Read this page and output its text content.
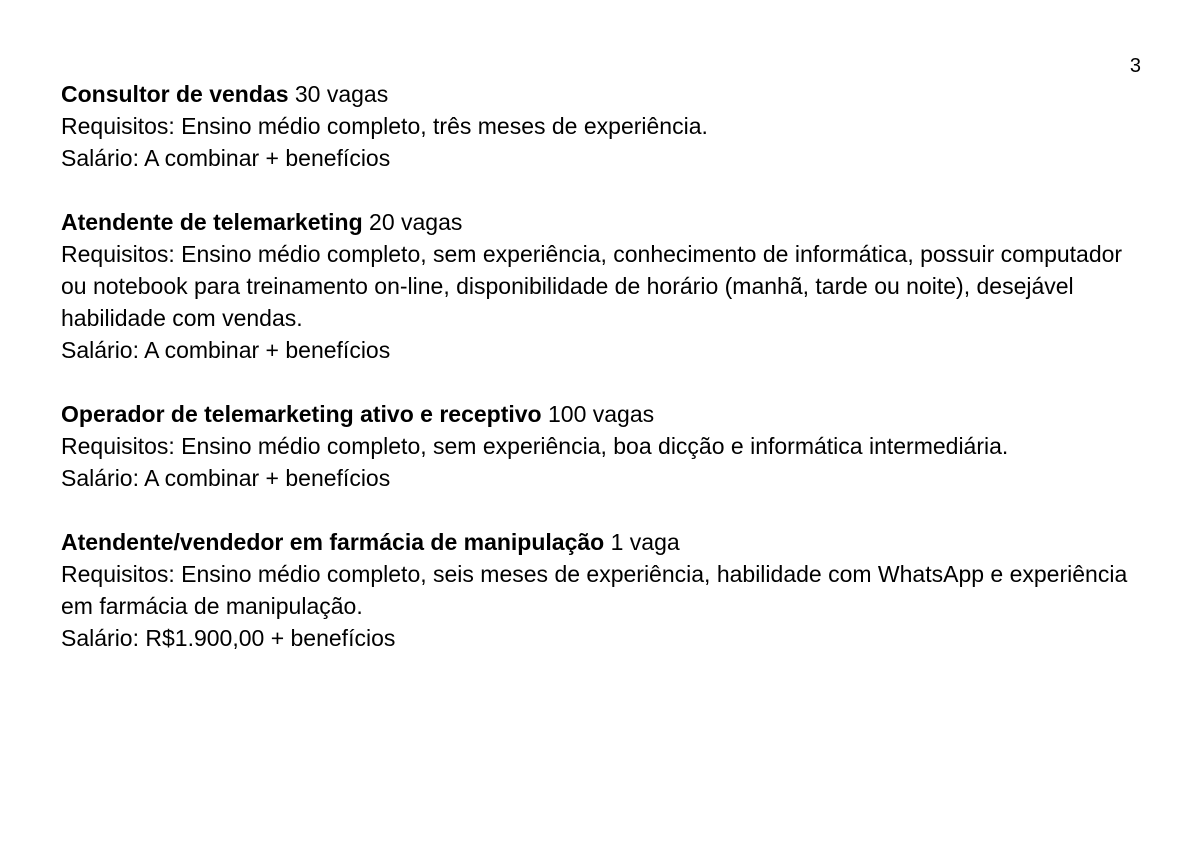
3

Consultor de vendas 30 vagas

Requisitos: Ensino médio completo, três meses de experiência.

Salário: A combinar + benefícios

Atendente de telemarketing 20 vagas

Requisitos: Ensino médio completo, sem experiência, conhecimento de informática, possuir computador ou notebook para treinamento on-line, disponibilidade de horário (manhã, tarde ou noite), desejável habilidade com vendas.

Salário: A combinar + benefícios

Operador de telemarketing ativo e receptivo 100 vagas

Requisitos: Ensino médio completo, sem experiência, boa dicção e informática intermediária.

Salário: A combinar + benefícios

Atendente/vendedor em farmácia de manipulação 1 vaga

Requisitos: Ensino médio completo, seis meses de experiência, habilidade com WhatsApp e experiência em farmácia de manipulação.

Salário: R$1.900,00 + benefícios
